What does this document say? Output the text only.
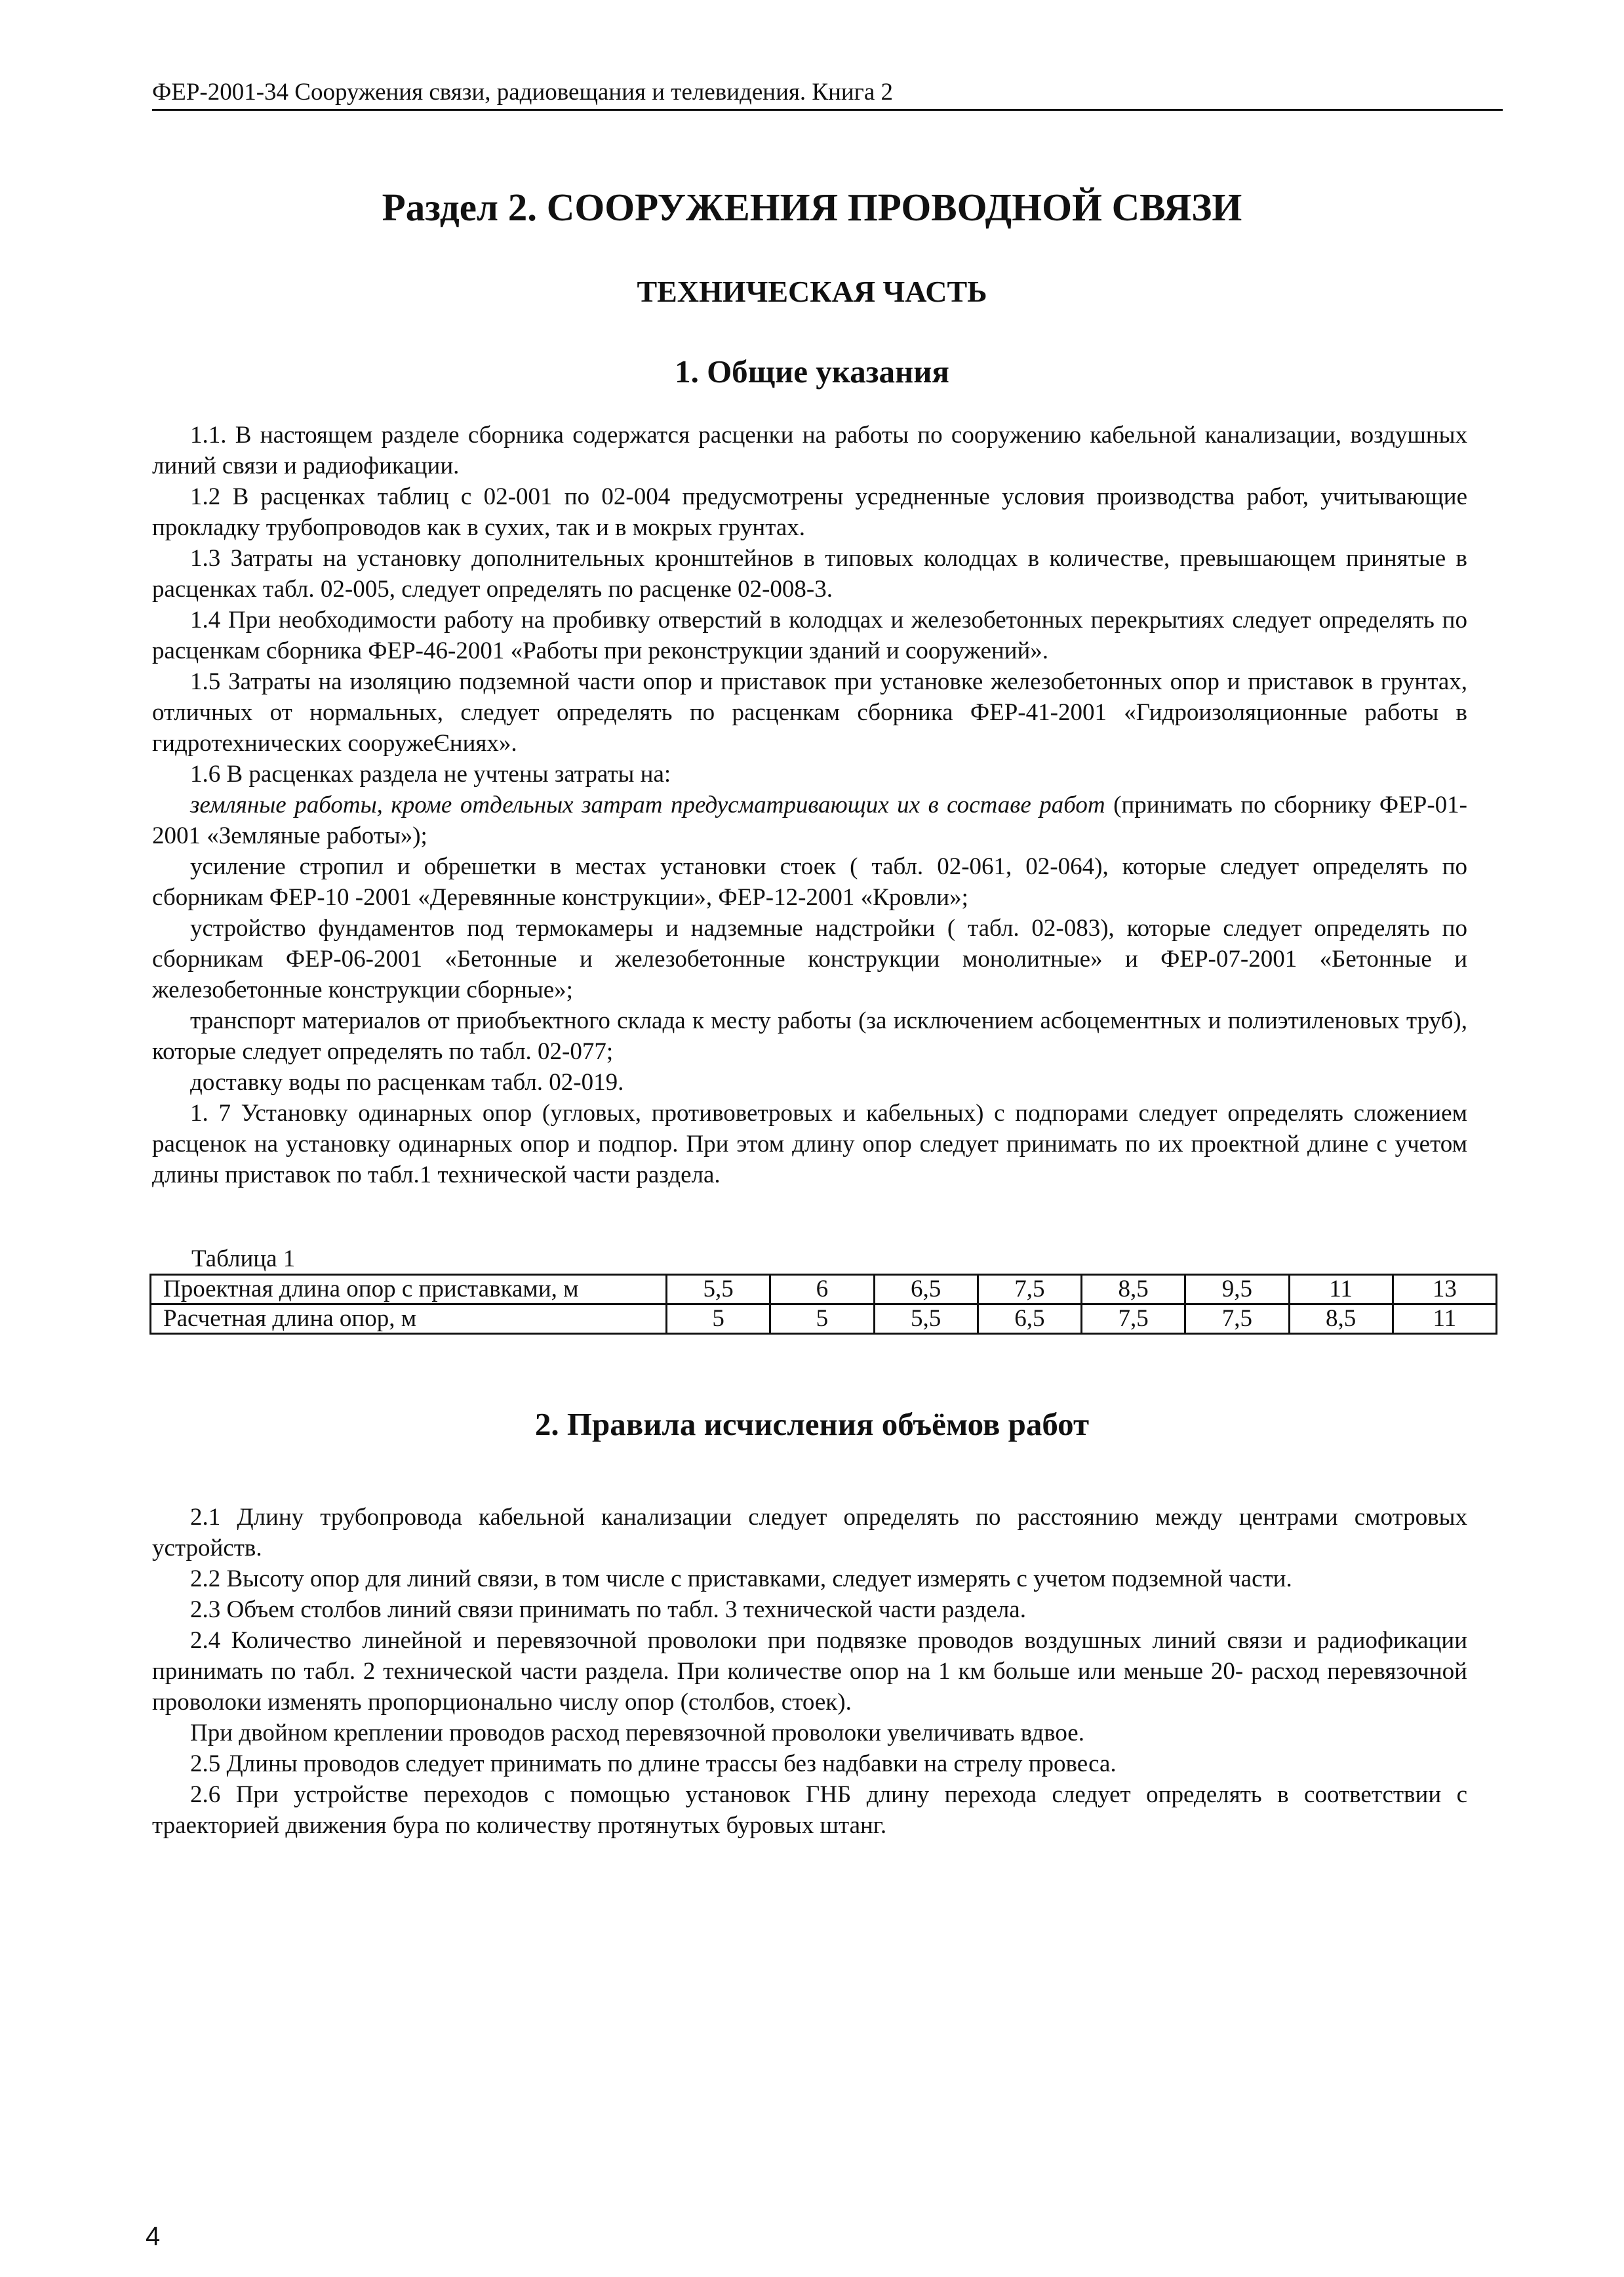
ФЕР-2001-34 Сооружения связи, радиовещания и телевидения. Книга 2
Раздел 2. СООРУЖЕНИЯ ПРОВОДНОЙ СВЯЗИ
ТЕХНИЧЕСКАЯ ЧАСТЬ
1. Общие указания

1.1. В настоящем разделе сборника содержатся расценки на работы по сооружению кабельной канализации, воздушных линий связи и радиофикации.

1.2 В расценках таблиц с 02-001 по 02-004 предусмотрены усредненные условия производства работ, учитывающие прокладку трубопроводов как в сухих, так и в мокрых грунтах.

1.3 Затраты на установку дополнительных кронштейнов в типовых колодцах в количестве, превышающем принятые в расценках табл. 02-005, следует определять по расценке 02-008-3.

1.4 При необходимости работу на пробивку отверстий в колодцах и железобетонных перекрытиях следует определять по расценкам сборника ФЕР-46-2001 «Работы при реконструкции зданий и сооружений».

1.5 Затраты на изоляцию подземной части опор и приставок при установке железобетонных опор и приставок в грунтах, отличных от нормальных, следует определять по расценкам сборника ФЕР-41-2001 «Гидроизоляционные работы в гидротехнических сооружеЄниях».

1.6 В расценках раздела не учтены затраты на:

земляные работы, кроме отдельных затрат предусматривающих их в составе работ (принимать по сборнику ФЕР-01-2001 «Земляные работы»);

усиление стропил и обрешетки в местах установки стоек ( табл. 02-061, 02-064), которые следует определять по сборникам ФЕР-10 -2001 «Деревянные конструкции», ФЕР-12-2001 «Кровли»;

устройство фундаментов под термокамеры и надземные надстройки ( табл. 02-083), которые следует определять по сборникам ФЕР-06-2001 «Бетонные и железобетонные конструкции монолитные» и ФЕР-07-2001 «Бетонные и железобетонные конструкции сборные»;

транспорт материалов от приобъектного склада к месту работы (за исключением асбоцементных и полиэтиленовых труб), которые следует определять по табл. 02-077;

доставку воды по расценкам табл. 02-019.

1. 7 Установку одинарных опор (угловых, противоветровых и кабельных) с подпорами следует определять сложением расценок на установку одинарных опор и подпор. При этом длину опор следует принимать по их проектной длине с учетом длины приставок по табл.1 технической части раздела.

Таблица 1
Проектная длина опор с приставками, м	5,5	6	6,5	7,5	8,5	9,5	11	13
Расчетная длина опор, м	5	5	5,5	6,5	7,5	7,5	8,5	11
2. Правила исчисления объёмов работ

2.1 Длину трубопровода кабельной канализации следует определять по расстоянию между центрами смотровых устройств.

2.2 Высоту опор для линий связи, в том числе с приставками, следует измерять с учетом подземной части.

2.3 Объем столбов линий связи принимать по табл. 3 технической части раздела.

2.4 Количество линейной и перевязочной проволоки при подвязке проводов воздушных линий связи и радиофикации принимать по табл. 2 технической части раздела. При количестве опор на 1 км больше или меньше 20- расход перевязочной проволоки изменять пропорционально числу опор (столбов, стоек).

При двойном креплении проводов расход перевязочной проволоки увеличивать вдвое.

2.5 Длины проводов следует принимать по длине трассы без надбавки на стрелу провеса.

2.6 При устройстве переходов с помощью установок ГНБ длину перехода следует определять в соответствии с траекторией движения бура по количеству протянутых буровых штанг.

4
